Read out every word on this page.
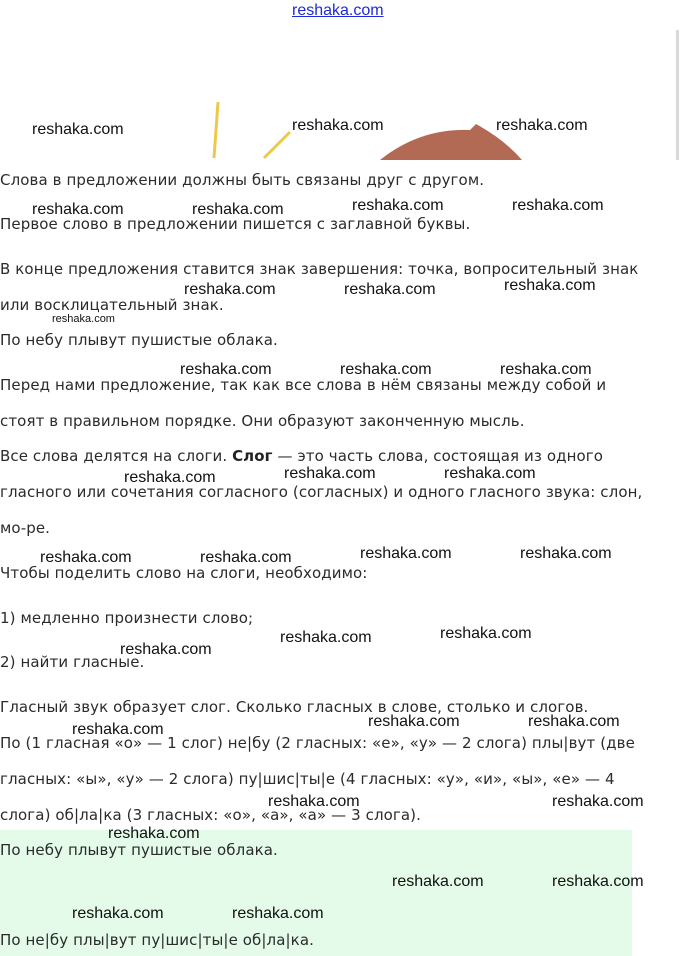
reshaka.com
Слова в предложении должны быть связаны друг с другом.
Первое слово в предложении пишется с заглавной буквы.
В конце предложения ставится знак завершения: точка, вопросительный знак
или восклицательный знак.
По небу плывут пушистые облака.
Перед нами предложение, так как все слова в нём связаны между собой и
стоят в правильном порядке. Они образуют законченную мысль.
Все слова делятся на слоги. Слог — это часть слова, состоящая из одного
гласного или сочетания согласного (согласных) и одного гласного звука: слон,
мо-ре.
Чтобы поделить слово на слоги, необходимо:
1) медленно произнести слово;
2) найти гласные.
Гласный звук образует слог. Сколько гласных в слове, столько и слогов.
По (1 гласная «о» — 1 слог) не|бу (2 гласных: «е», «у» — 2 слога) плы|вут (две
гласных: «ы», «у» — 2 слога) пу|шис|ты|е (4 гласных: «у», «и», «ы», «е» — 4
слога) об|ла|ка (3 гласных: «о», «а», «а» — 3 слога).
По небу плывут пушистые облака.
По не|бу плы|вут пу|шис|ты|е об|ла|ка.
reshaka.com	reshaka.com	reshaka.com
reshaka.com	reshaka.com	reshaka.com	reshaka.com
reshaka.com	reshaka.com	reshaka.com
reshaka.com
reshaka.com	reshaka.com	reshaka.com
reshaka.com	reshaka.com	reshaka.com
reshaka.com	reshaka.com	reshaka.com	reshaka.com
reshaka.com	reshaka.com
reshaka.com
reshaka.com	reshaka.com	reshaka.com
reshaka.com	reshaka.com
reshaka.com
reshaka.com	reshaka.com
reshaka.com	reshaka.com
